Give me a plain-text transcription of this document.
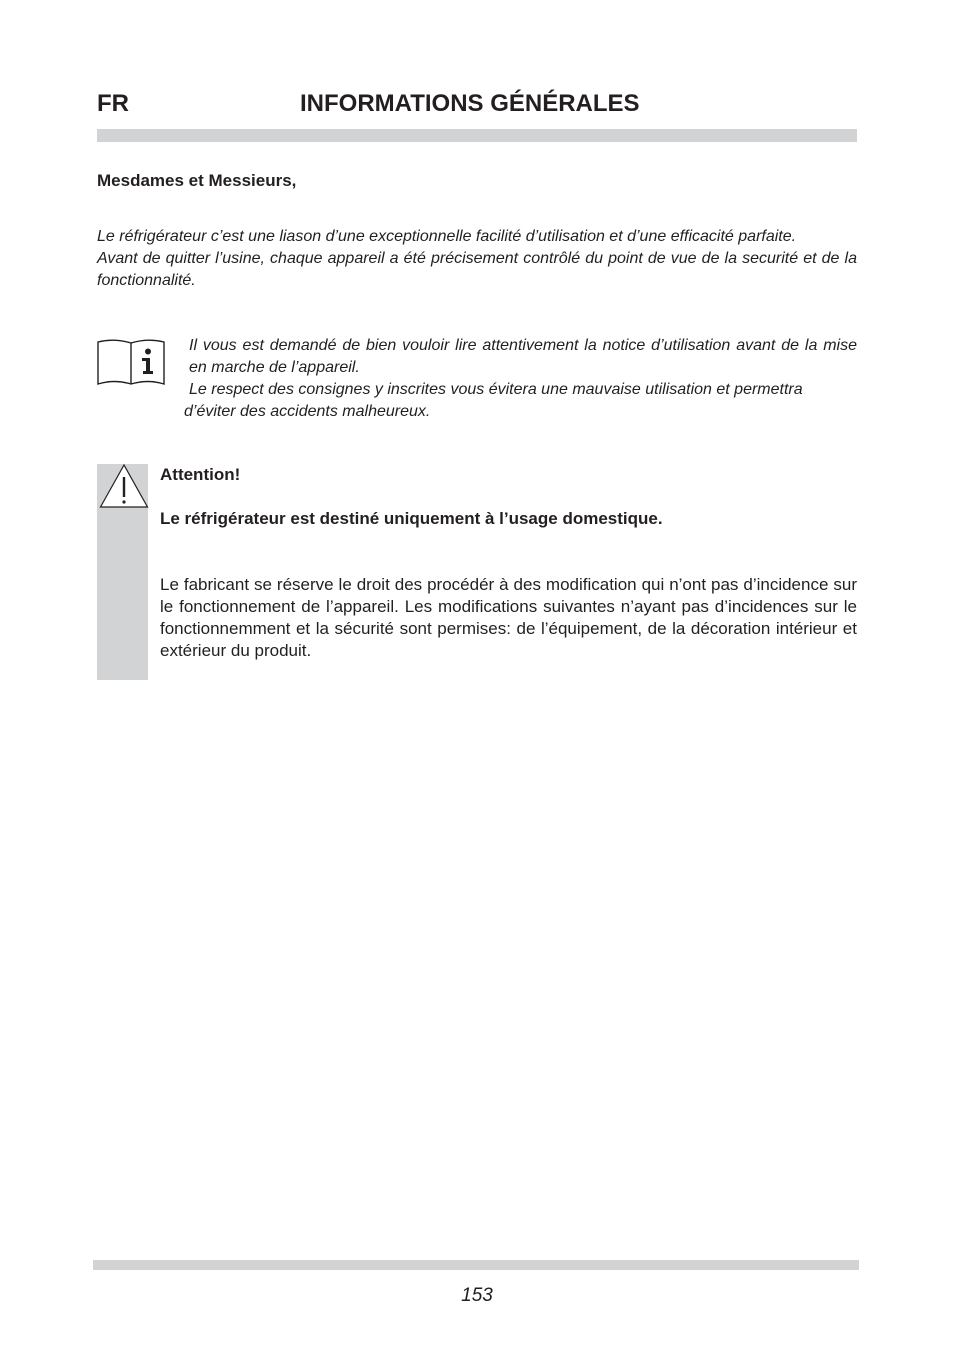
FR	INFORMATIONS GÉNÉRALES
Mesdames et Messieurs,

Le réfrigérateur c’est une liason d’une exceptionnelle facilité d’utilisation et d’une efficacité parfaite.

Avant de quitter l’usine, chaque appareil a été précisement contrôlé du point de vue de la securité et de la fonctionnalité.

Il vous est demandé de bien vouloir lire attentivement la notice d’utilisation avant de la mise en marche de l’appareil.

Le respect des consignes y inscrites vous évitera une mauvaise utilisation et permettra

d’éviter des accidents malheureux.

Attention!
Le réfrigérateur est destiné uniquement à l’usage domestique.
Le fabricant se réserve le droit des procédér à des modification qui n’ont pas d’incidence sur le fonctionnement de l’appareil. Les modifications suivantes n’ayant pas d’incidences sur le fonctionnemment et la sécurité sont permises: de l’équipement, de la décoration intérieur et extérieur du produit.
153
